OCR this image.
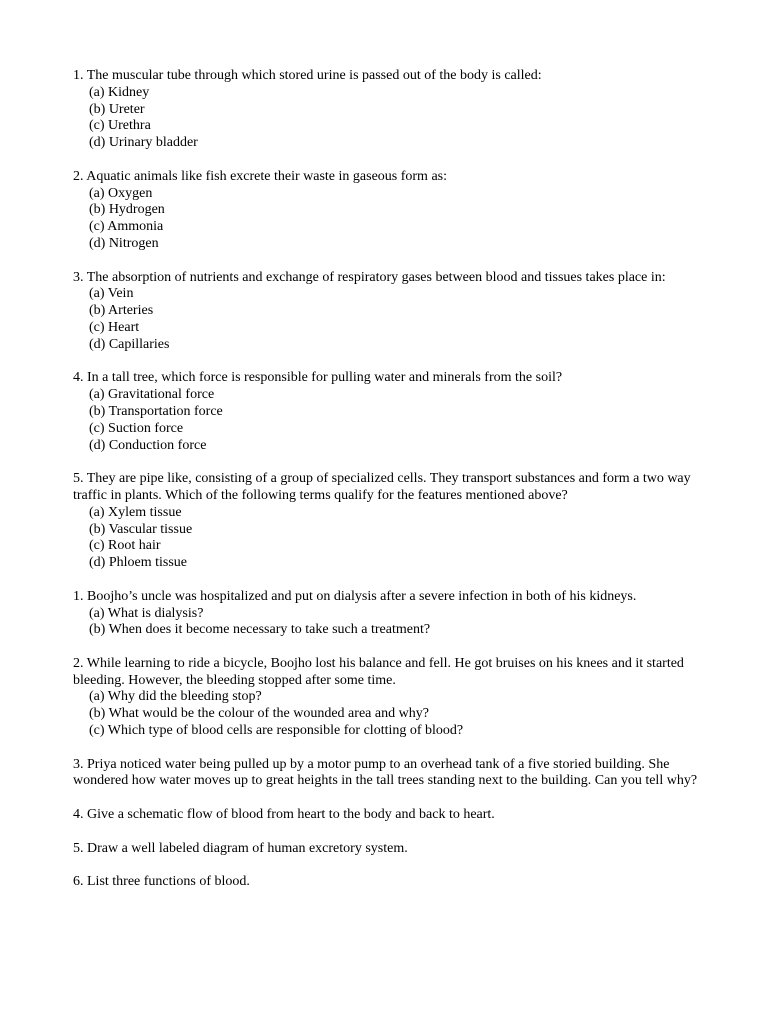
1. The muscular tube through which stored urine is passed out of the body is called:
(a) Kidney
(b) Ureter
(c) Urethra
(d) Urinary bladder
2. Aquatic animals like fish excrete their waste in gaseous form as:
(a) Oxygen
(b) Hydrogen
(c) Ammonia
(d) Nitrogen
3. The absorption of nutrients and exchange of respiratory gases between blood and tissues takes place in:
(a) Vein
(b) Arteries
(c) Heart
(d) Capillaries
4. In a tall tree, which force is responsible for pulling water and minerals from the soil?
(a) Gravitational force
(b) Transportation force
(c) Suction force
(d) Conduction force
5. They are pipe like, consisting of a group of specialized cells. They transport substances and form a two way traffic in plants. Which of the following terms qualify for the features mentioned above?
(a) Xylem tissue
(b) Vascular tissue
(c) Root hair
(d) Phloem tissue
1. Boojho’s uncle was hospitalized and put on dialysis after a severe infection in both of his kidneys.
(a) What is dialysis?
(b) When does it become necessary to take such a treatment?
2. While learning to ride a bicycle, Boojho lost his balance and fell. He got bruises on his knees and it started bleeding. However, the bleeding stopped after some time.
(a) Why did the bleeding stop?
(b) What would be the colour of the wounded area and why?
(c) Which type of blood cells are responsible for clotting of blood?
3. Priya noticed water being pulled up by a motor pump to an overhead tank of a five storied building. She wondered how water moves up to great heights in the tall trees standing next to the building. Can you tell why?
4. Give a schematic flow of blood from heart to the body and back to heart.
5. Draw a well labeled diagram of human excretory system.
6. List three functions of blood.
